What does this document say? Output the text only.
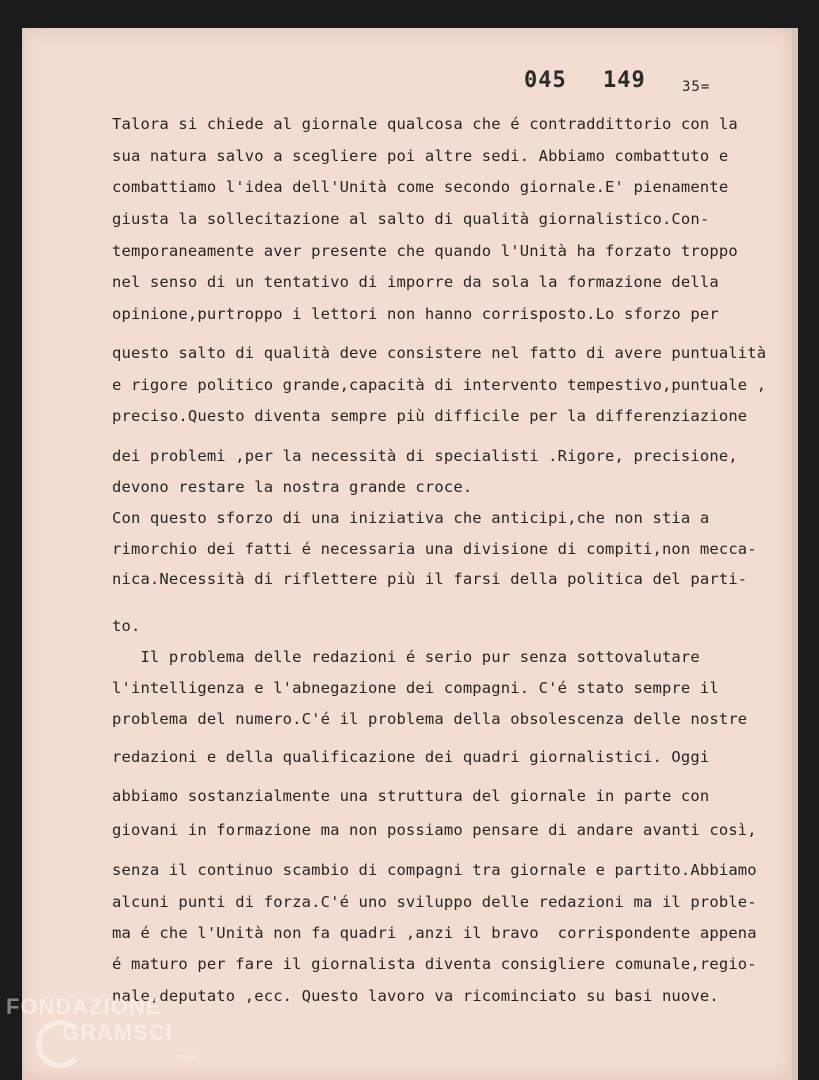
045 149	35=
Talora si chiede al giornale qualcosa che é contraddittorio con la
sua natura salvo a scegliere poi altre sedi. Abbiamo combattuto e
combattiamo l'idea dell'Unità come secondo giornale.E' pienamente
giusta la sollecitazione al salto di qualità giornalistico.Con-
temporaneamente aver presente che quando l'Unità ha forzato troppo
nel senso di un tentativo di imporre da sola la formazione della
opinione,purtroppo i lettori non hanno corrisposto.Lo sforzo per
questo salto di qualità deve consistere nel fatto di avere puntualità
e rigore politico grande,capacità di intervento tempestivo,puntuale ,
preciso.Questo diventa sempre più difficile per la differenziazione
dei problemi ,per la necessità di specialisti .Rigore, precisione,
devono restare la nostra grande croce.
Con questo sforzo di una iniziativa che anticipi,che non stia a
rimorchio dei fatti é necessaria una divisione di compiti,non mecca-
nica.Necessità di riflettere più il farsi della politica del parti-
to.
Il problema delle redazioni é serio pur senza sottovalutare
l'intelligenza e l'abnegazione dei compagni. C'é stato sempre il
problema del numero.C'é il problema della obsolescenza delle nostre
redazioni e della qualificazione dei quadri giornalistici. Oggi
abbiamo sostanzialmente una struttura del giornale in parte con
giovani in formazione ma non possiamo pensare di andare avanti così,
senza il continuo scambio di compagni tra giornale e partito.Abbiamo
alcuni punti di forza.C'é uno sviluppo delle redazioni ma il proble-
ma é che l'Unità non fa quadri ,anzi il bravo  corrispondente appena
é maturo per fare il giornalista diventa consigliere comunale,regio-
nale,deputato ,ecc. Questo lavoro va ricominciato su basi nuove.
FONDAZIONE
GRAMSCI
onlus
